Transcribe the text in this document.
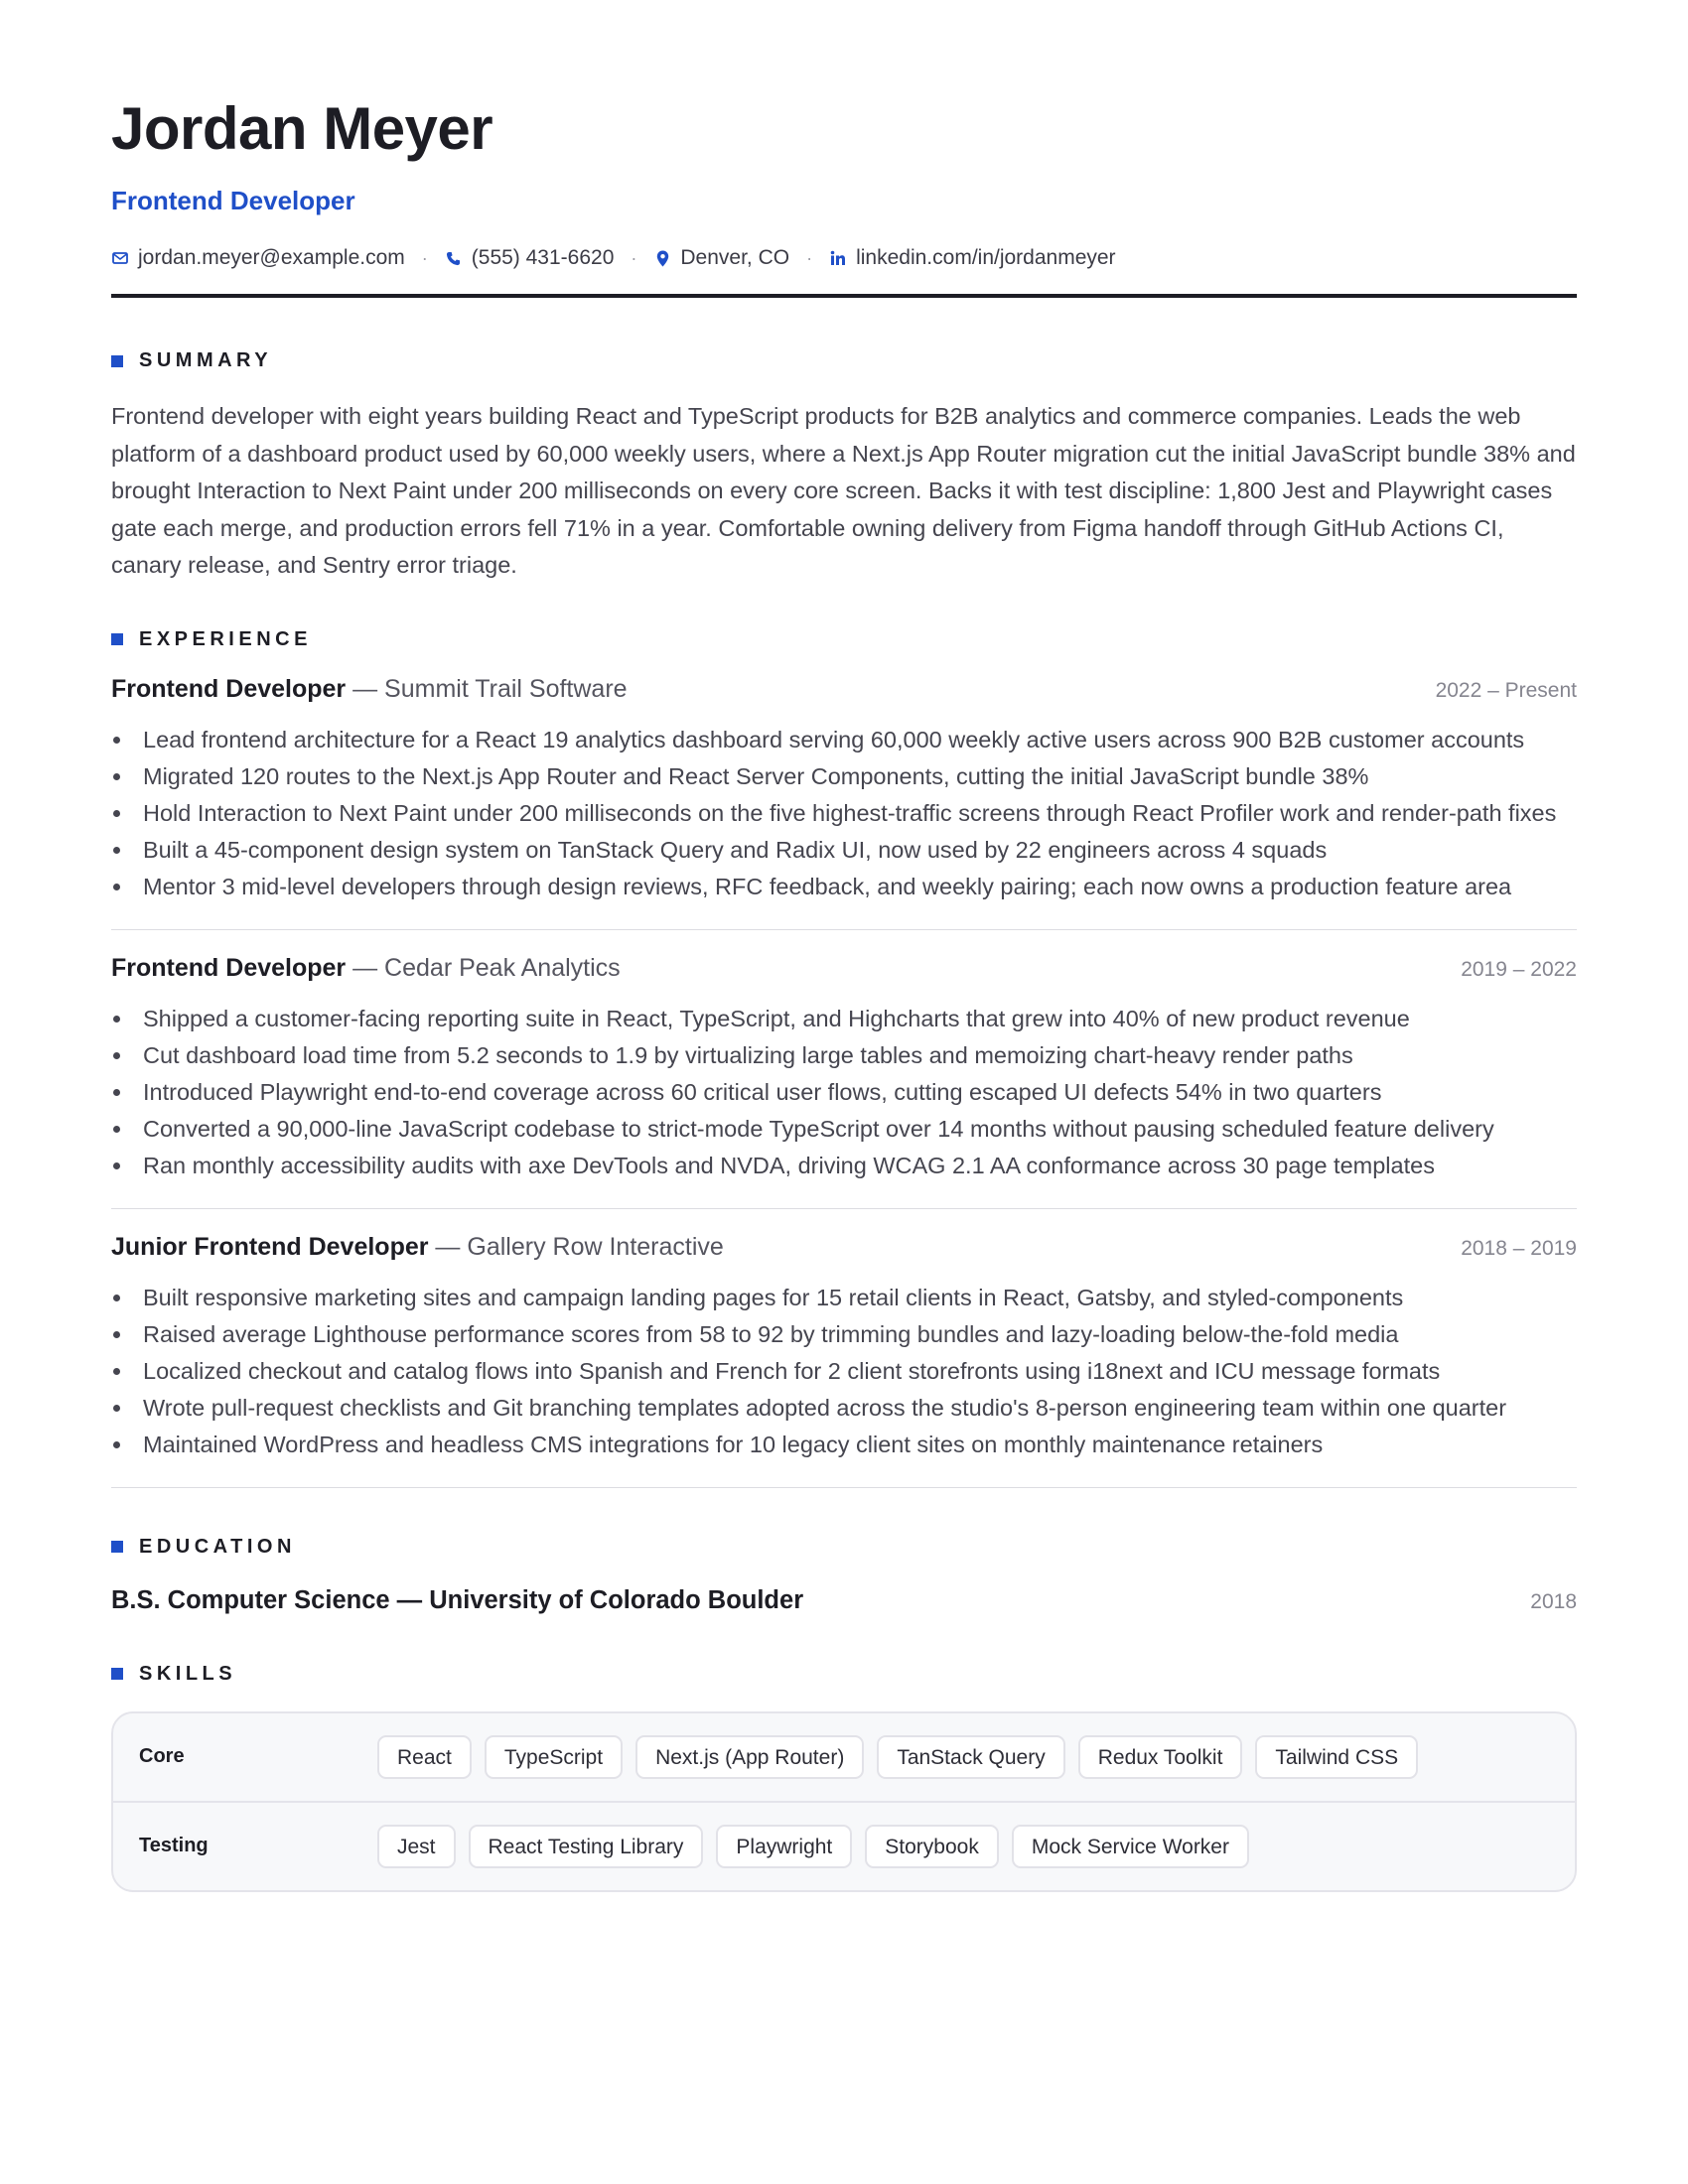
Jordan Meyer
Frontend Developer
jordan.meyer@example.com · (555) 431-6620 · Denver, CO · linkedin.com/in/jordanmeyer
SUMMARY

Frontend developer with eight years building React and TypeScript products for B2B analytics and commerce companies. Leads the web platform of a dashboard product used by 60,000 weekly users, where a Next.js App Router migration cut the initial JavaScript bundle 38% and brought Interaction to Next Paint under 200 milliseconds on every core screen. Backs it with test discipline: 1,800 Jest and Playwright cases gate each merge, and production errors fell 71% in a year. Comfortable owning delivery from Figma handoff through GitHub Actions CI, canary release, and Sentry error triage.

EXPERIENCE
Frontend Developer — Summit Trail Software	2022 – Present
Lead frontend architecture for a React 19 analytics dashboard serving 60,000 weekly active users across 900 B2B customer accounts
Migrated 120 routes to the Next.js App Router and React Server Components, cutting the initial JavaScript bundle 38%
Hold Interaction to Next Paint under 200 milliseconds on the five highest-traffic screens through React Profiler work and render-path fixes
Built a 45-component design system on TanStack Query and Radix UI, now used by 22 engineers across 4 squads
Mentor 3 mid-level developers through design reviews, RFC feedback, and weekly pairing; each now owns a production feature area
Frontend Developer — Cedar Peak Analytics	2019 – 2022
Shipped a customer-facing reporting suite in React, TypeScript, and Highcharts that grew into 40% of new product revenue
Cut dashboard load time from 5.2 seconds to 1.9 by virtualizing large tables and memoizing chart-heavy render paths
Introduced Playwright end-to-end coverage across 60 critical user flows, cutting escaped UI defects 54% in two quarters
Converted a 90,000-line JavaScript codebase to strict-mode TypeScript over 14 months without pausing scheduled feature delivery
Ran monthly accessibility audits with axe DevTools and NVDA, driving WCAG 2.1 AA conformance across 30 page templates
Junior Frontend Developer — Gallery Row Interactive	2018 – 2019
Built responsive marketing sites and campaign landing pages for 15 retail clients in React, Gatsby, and styled-components
Raised average Lighthouse performance scores from 58 to 92 by trimming bundles and lazy-loading below-the-fold media
Localized checkout and catalog flows into Spanish and French for 2 client storefronts using i18next and ICU message formats
Wrote pull-request checklists and Git branching templates adopted across the studio's 8-person engineering team within one quarter
Maintained WordPress and headless CMS integrations for 10 legacy client sites on monthly maintenance retainers
EDUCATION
B.S. Computer Science — University of Colorado Boulder	2018
SKILLS
Core	React	TypeScript	Next.js (App Router)	TanStack Query	Redux Toolkit	Tailwind CSS
Testing	Jest	React Testing Library	Playwright	Storybook	Mock Service Worker
